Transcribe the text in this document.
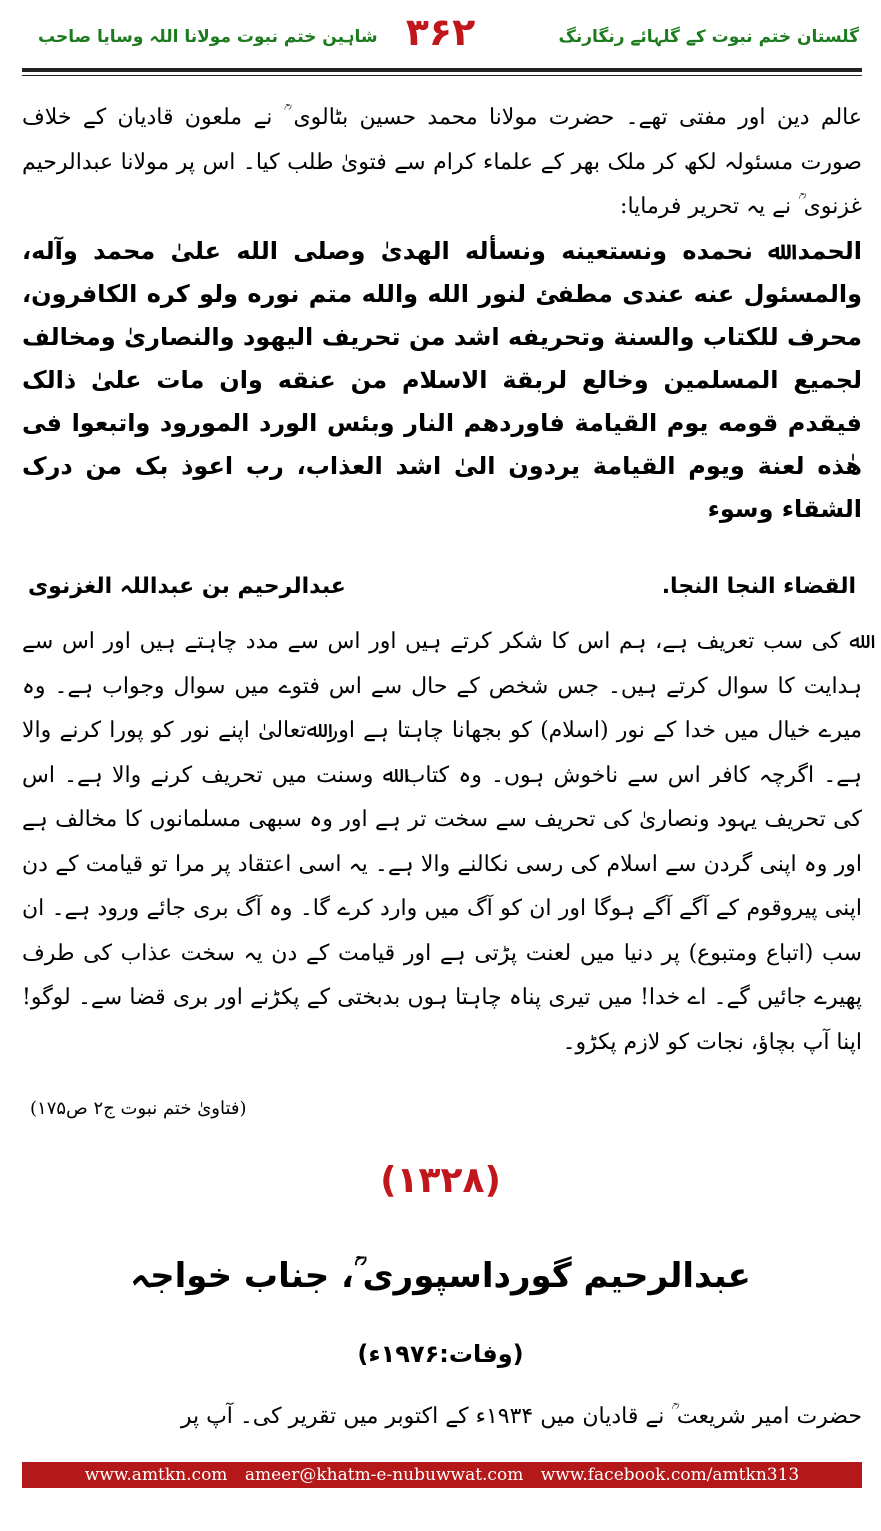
شاہین ختم نبوت مولانا اللہ وسایا صاحب ۳۶۲	گلستان ختم نبوت کے گلہائے رنگارنگ
عالم دین اور مفتی تھے۔ حضرت مولانا محمد حسین بٹالوی ؒ نے ملعون قادیان کے خلاف صورت مسئولہ لکھ کر ملک بھر کے علماء کرام سے فتویٰ طلب کیا۔ اس پر مولانا عبدالرحیم غزنوی ؒ نے یہ تحریر فرمایا:
الحمد ﷲ نحمده ونستعينه ونسأله الهدىٰ وصلى الله علىٰ محمد وآله، والمسئول عنه عندى مطفئ لنور الله والله متم نوره ولو كره الكافرون، محرف للكتاب والسنة وتحريفه اشد من تحريف اليهود والنصارىٰ ومخالف لجميع المسلمين وخالع لربقة الاسلام من عنقه وان مات علىٰ ذالک فيقدم قومه يوم القيامة فاوردهم النار وبئس الورد المورود واتبعوا فى هٰذه لعنة ويوم القيامة يردون الىٰ اشد العذاب، رب اعوذ بک من درک الشقاء وسوء
القضاء النجا النجا.
عبدالرحیم بن عبداللہ الغزنوی
ﷲ کی سب تعریف ہے، ہم اس کا شکر کرتے ہیں اور اس سے مدد چاہتے ہیں اور اس سے ہدایت کا سوال کرتے ہیں۔ جس شخص کے حال سے اس فتوے میں سوال وجواب ہے۔ وہ میرے خیال میں خدا کے نور (اسلام) کو بجھانا چاہتا ہے اور ﷲتعالیٰ اپنے نور کو پورا کرنے والا ہے۔ اگرچہ کافر اس سے ناخوش ہوں۔ وہ کتاب ﷲ وسنت میں تحریف کرنے والا ہے۔ اس کی تحریف یہود ونصاریٰ کی تحریف سے سخت تر ہے اور وہ سبھی مسلمانوں کا مخالف ہے اور وہ اپنی گردن سے اسلام کی رسی نکالنے والا ہے۔ یہ اسی اعتقاد پر مرا تو قیامت کے دن اپنی پیروقوم کے آگے آگے ہوگا اور ان کو آگ میں وارد کرے گا۔ وہ آگ بری جائے ورود ہے۔ ان سب (اتباع ومتبوع) پر دنیا میں لعنت پڑتی ہے اور قیامت کے دن یہ سخت عذاب کی طرف پھیرے جائیں گے۔ اے خدا! میں تیری پناہ چاہتا ہوں بدبختی کے پکڑنے اور بری قضا سے۔ لوگو! اپنا آپ بچاؤ، نجات کو لازم پکڑو۔
(فتاویٰ ختم نبوت ج۲ ص۱۷۵)
(۱۳۲۸)
عبدالرحیم گورداسپوری ؒ، جناب خواجہ
(وفات:۱۹۷۶ء)
حضرت امیر شریعت ؒ نے قادیان میں ۱۹۳۴ء کے اکتوبر میں تقریر کی۔ آپ پر
www.amtkn.com ameer@khatm-e-nubuwwat.com www.facebook.com/amtkn313
